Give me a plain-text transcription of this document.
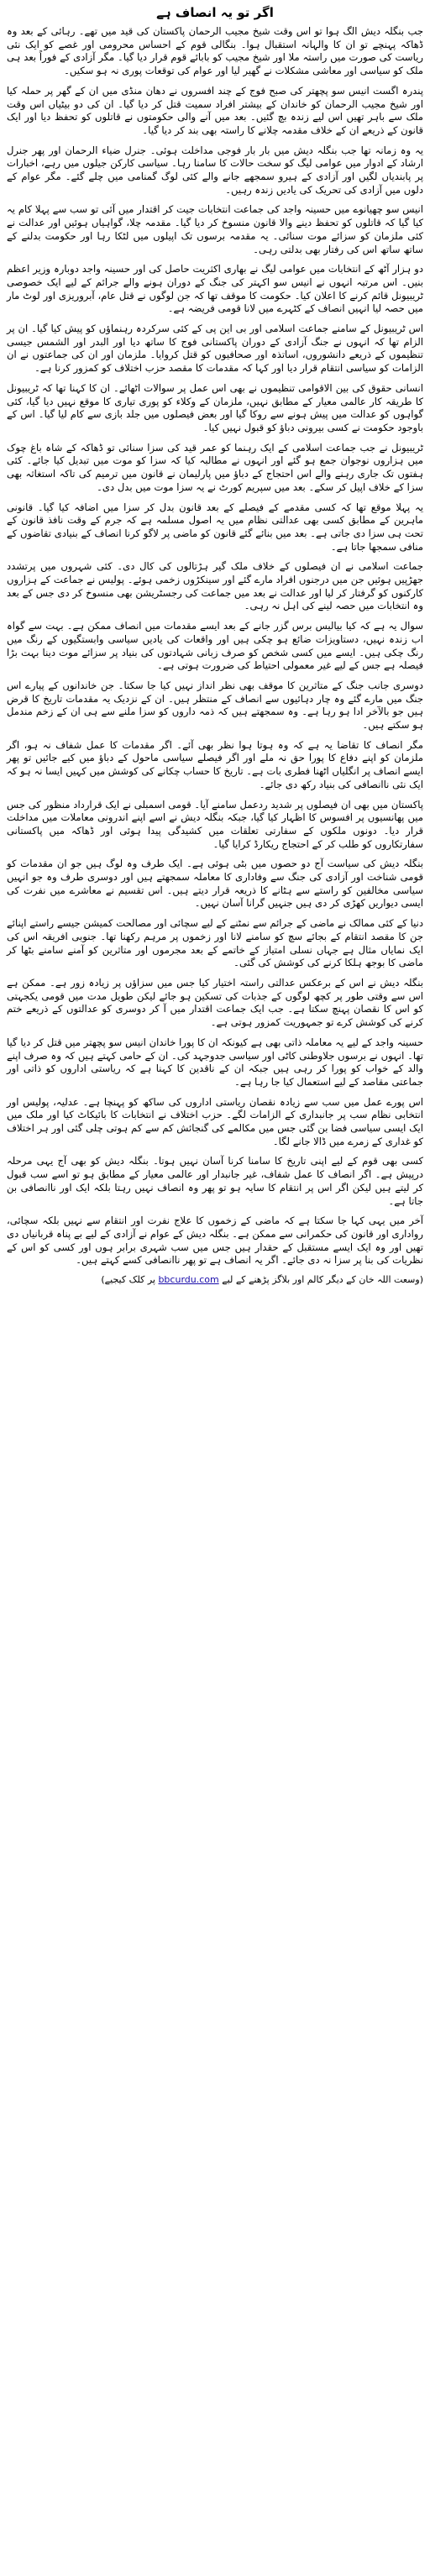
اگر تو یہ انصاف ہے

جب بنگلہ دیش الگ ہوا تو اس وقت شیخ مجیب الرحمان پاکستان کی قید میں تھے۔ رہائی کے بعد وہ ڈھاکہ پہنچے تو ان کا والہانہ استقبال ہوا۔ بنگالی قوم کے احساس محرومی اور غصے کو ایک نئی ریاست کی صورت میں راستہ ملا اور شیخ مجیب کو بابائے قوم قرار دیا گیا۔ مگر آزادی کے فوراً بعد ہی ملک کو سیاسی اور معاشی مشکلات نے گھیر لیا اور عوام کی توقعات پوری نہ ہو سکیں۔

پندرہ اگست انیس سو پچھتر کی صبح فوج کے چند افسروں نے دھان منڈی میں ان کے گھر پر حملہ کیا اور شیخ مجیب الرحمان کو خاندان کے بیشتر افراد سمیت قتل کر دیا گیا۔ ان کی دو بیٹیاں اس وقت ملک سے باہر تھیں اس لیے زندہ بچ گئیں۔ بعد میں آنے والی حکومتوں نے قاتلوں کو تحفظ دیا اور ایک قانون کے ذریعے ان کے خلاف مقدمہ چلانے کا راستہ بھی بند کر دیا گیا۔

یہ وہ زمانہ تھا جب بنگلہ دیش میں بار بار فوجی مداخلت ہوئی۔ جنرل ضیاء الرحمان اور پھر جنرل ارشاد کے ادوار میں عوامی لیگ کو سخت حالات کا سامنا رہا۔ سیاسی کارکن جیلوں میں رہے، اخبارات پر پابندیاں لگیں اور آزادی کے ہیرو سمجھے جانے والے کئی لوگ گمنامی میں چلے گئے۔ مگر عوام کے دلوں میں آزادی کی تحریک کی یادیں زندہ رہیں۔

انیس سو چھیانوے میں حسینہ واجد کی جماعت انتخابات جیت کر اقتدار میں آئی تو سب سے پہلا کام یہ کیا گیا کہ قاتلوں کو تحفظ دینے والا قانون منسوخ کر دیا گیا۔ مقدمہ چلا، گواہیاں ہوئیں اور عدالت نے کئی ملزمان کو سزائے موت سنائی۔ یہ مقدمہ برسوں تک اپیلوں میں لٹکا رہا اور حکومت بدلنے کے ساتھ ساتھ اس کی رفتار بھی بدلتی رہی۔

دو ہزار آٹھ کے انتخابات میں عوامی لیگ نے بھاری اکثریت حاصل کی اور حسینہ واجد دوبارہ وزیر اعظم بنیں۔ اس مرتبہ انہوں نے انیس سو اکہتر کی جنگ کے دوران ہونے والے جرائم کے لیے ایک خصوصی ٹریبیونل قائم کرنے کا اعلان کیا۔ حکومت کا موقف تھا کہ جن لوگوں نے قتل عام، آبروریزی اور لوٹ مار میں حصہ لیا انہیں انصاف کے کٹہرے میں لانا قومی فریضہ ہے۔

اس ٹریبیونل کے سامنے جماعت اسلامی اور بی این پی کے کئی سرکردہ رہنماؤں کو پیش کیا گیا۔ ان پر الزام تھا کہ انہوں نے جنگ آزادی کے دوران پاکستانی فوج کا ساتھ دیا اور البدر اور الشمس جیسی تنظیموں کے ذریعے دانشوروں، اساتذہ اور صحافیوں کو قتل کروایا۔ ملزمان اور ان کی جماعتوں نے ان الزامات کو سیاسی انتقام قرار دیا اور کہا کہ مقدمات کا مقصد حزب اختلاف کو کمزور کرنا ہے۔

انسانی حقوق کی بین الاقوامی تنظیموں نے بھی اس عمل پر سوالات اٹھائے۔ ان کا کہنا تھا کہ ٹریبیونل کا طریقہ کار عالمی معیار کے مطابق نہیں، ملزمان کے وکلاء کو پوری تیاری کا موقع نہیں دیا گیا، کئی گواہوں کو عدالت میں پیش ہونے سے روکا گیا اور بعض فیصلوں میں جلد بازی سے کام لیا گیا۔ اس کے باوجود حکومت نے کسی بیرونی دباؤ کو قبول نہیں کیا۔

ٹریبیونل نے جب جماعت اسلامی کے ایک رہنما کو عمر قید کی سزا سنائی تو ڈھاکہ کے شاہ باغ چوک میں ہزاروں نوجوان جمع ہو گئے اور انہوں نے مطالبہ کیا کہ سزا کو موت میں تبدیل کیا جائے۔ کئی ہفتوں تک جاری رہنے والے اس احتجاج کے دباؤ میں پارلیمان نے قانون میں ترمیم کی تاکہ استغاثہ بھی سزا کے خلاف اپیل کر سکے۔ بعد میں سپریم کورٹ نے یہ سزا موت میں بدل دی۔

یہ پہلا موقع تھا کہ کسی مقدمے کے فیصلے کے بعد قانون بدل کر سزا میں اضافہ کیا گیا۔ قانونی ماہرین کے مطابق کسی بھی عدالتی نظام میں یہ اصول مسلمہ ہے کہ جرم کے وقت نافذ قانون کے تحت ہی سزا دی جاتی ہے۔ بعد میں بنائے گئے قانون کو ماضی پر لاگو کرنا انصاف کے بنیادی تقاضوں کے منافی سمجھا جاتا ہے۔

جماعت اسلامی نے ان فیصلوں کے خلاف ملک گیر ہڑتالوں کی کال دی۔ کئی شہروں میں پرتشدد جھڑپیں ہوئیں جن میں درجنوں افراد مارے گئے اور سینکڑوں زخمی ہوئے۔ پولیس نے جماعت کے ہزاروں کارکنوں کو گرفتار کر لیا اور عدالت نے بعد میں جماعت کی رجسٹریشن بھی منسوخ کر دی جس کے بعد وہ انتخابات میں حصہ لینے کی اہل نہ رہی۔

سوال یہ ہے کہ کیا بیالیس برس گزر جانے کے بعد ایسے مقدمات میں انصاف ممکن ہے۔ بہت سے گواہ اب زندہ نہیں، دستاویزات ضائع ہو چکی ہیں اور واقعات کی یادیں سیاسی وابستگیوں کے رنگ میں رنگ چکی ہیں۔ ایسے میں کسی شخص کو صرف زبانی شہادتوں کی بنیاد پر سزائے موت دینا بہت بڑا فیصلہ ہے جس کے لیے غیر معمولی احتیاط کی ضرورت ہوتی ہے۔

دوسری جانب جنگ کے متاثرین کا موقف بھی نظر انداز نہیں کیا جا سکتا۔ جن خاندانوں کے پیارے اس جنگ میں مارے گئے وہ چار دہائیوں سے انصاف کے منتظر ہیں۔ ان کے نزدیک یہ مقدمات تاریخ کا قرض ہیں جو بالآخر ادا ہو رہا ہے۔ وہ سمجھتے ہیں کہ ذمہ داروں کو سزا ملنے سے ہی ان کے زخم مندمل ہو سکتے ہیں۔

مگر انصاف کا تقاضا یہ ہے کہ وہ ہوتا ہوا نظر بھی آئے۔ اگر مقدمات کا عمل شفاف نہ ہو، اگر ملزمان کو اپنے دفاع کا پورا حق نہ ملے اور اگر فیصلے سیاسی ماحول کے دباؤ میں کیے جائیں تو پھر ایسے انصاف پر انگلیاں اٹھنا فطری بات ہے۔ تاریخ کا حساب چکانے کی کوشش میں کہیں ایسا نہ ہو کہ ایک نئی ناانصافی کی بنیاد رکھ دی جائے۔

پاکستان میں بھی ان فیصلوں پر شدید ردعمل سامنے آیا۔ قومی اسمبلی نے ایک قرارداد منظور کی جس میں پھانسیوں پر افسوس کا اظہار کیا گیا، جبکہ بنگلہ دیش نے اسے اپنے اندرونی معاملات میں مداخلت قرار دیا۔ دونوں ملکوں کے سفارتی تعلقات میں کشیدگی پیدا ہوئی اور ڈھاکہ میں پاکستانی سفارتکاروں کو طلب کر کے احتجاج ریکارڈ کرایا گیا۔

بنگلہ دیش کی سیاست آج دو حصوں میں بٹی ہوئی ہے۔ ایک طرف وہ لوگ ہیں جو ان مقدمات کو قومی شناخت اور آزادی کی جنگ سے وفاداری کا معاملہ سمجھتے ہیں اور دوسری طرف وہ جو انہیں سیاسی مخالفین کو راستے سے ہٹانے کا ذریعہ قرار دیتے ہیں۔ اس تقسیم نے معاشرے میں نفرت کی ایسی دیواریں کھڑی کر دی ہیں جنہیں گرانا آسان نہیں۔

دنیا کے کئی ممالک نے ماضی کے جرائم سے نمٹنے کے لیے سچائی اور مصالحت کمیشن جیسے راستے اپنائے جن کا مقصد انتقام کے بجائے سچ کو سامنے لانا اور زخموں پر مرہم رکھنا تھا۔ جنوبی افریقہ اس کی ایک نمایاں مثال ہے جہاں نسلی امتیاز کے خاتمے کے بعد مجرموں اور متاثرین کو آمنے سامنے بٹھا کر ماضی کا بوجھ ہلکا کرنے کی کوشش کی گئی۔

بنگلہ دیش نے اس کے برعکس عدالتی راستہ اختیار کیا جس میں سزاؤں پر زیادہ زور ہے۔ ممکن ہے اس سے وقتی طور پر کچھ لوگوں کے جذبات کی تسکین ہو جائے لیکن طویل مدت میں قومی یکجہتی کو اس کا نقصان پہنچ سکتا ہے۔ جب ایک جماعت اقتدار میں آ کر دوسری کو عدالتوں کے ذریعے ختم کرنے کی کوشش کرے تو جمہوریت کمزور ہوتی ہے۔

حسینہ واجد کے لیے یہ معاملہ ذاتی بھی ہے کیونکہ ان کا پورا خاندان انیس سو پچھتر میں قتل کر دیا گیا تھا۔ انہوں نے برسوں جلاوطنی کاٹی اور سیاسی جدوجہد کی۔ ان کے حامی کہتے ہیں کہ وہ صرف اپنے والد کے خواب کو پورا کر رہی ہیں جبکہ ان کے ناقدین کا کہنا ہے کہ ریاستی اداروں کو ذاتی اور جماعتی مقاصد کے لیے استعمال کیا جا رہا ہے۔

اس پورے عمل میں سب سے زیادہ نقصان ریاستی اداروں کی ساکھ کو پہنچا ہے۔ عدلیہ، پولیس اور انتخابی نظام سب پر جانبداری کے الزامات لگے۔ حزب اختلاف نے انتخابات کا بائیکاٹ کیا اور ملک میں ایک ایسی سیاسی فضا بن گئی جس میں مکالمے کی گنجائش کم سے کم ہوتی چلی گئی اور ہر اختلاف کو غداری کے زمرے میں ڈالا جانے لگا۔

کسی بھی قوم کے لیے اپنی تاریخ کا سامنا کرنا آسان نہیں ہوتا۔ بنگلہ دیش کو بھی آج یہی مرحلہ درپیش ہے۔ اگر انصاف کا عمل شفاف، غیر جانبدار اور عالمی معیار کے مطابق ہو تو اسے سب قبول کر لیتے ہیں لیکن اگر اس پر انتقام کا سایہ ہو تو پھر وہ انصاف نہیں رہتا بلکہ ایک اور ناانصافی بن جاتا ہے۔

آخر میں یہی کہا جا سکتا ہے کہ ماضی کے زخموں کا علاج نفرت اور انتقام سے نہیں بلکہ سچائی، رواداری اور قانون کی حکمرانی سے ممکن ہے۔ بنگلہ دیش کے عوام نے آزادی کے لیے بے پناہ قربانیاں دی تھیں اور وہ ایک ایسے مستقبل کے حقدار ہیں جس میں سب شہری برابر ہوں اور کسی کو اس کے نظریات کی بنا پر سزا نہ دی جائے۔ اگر یہ انصاف ہے تو پھر ناانصافی کسے کہتے ہیں۔

(وسعت اللہ خان کے دیگر کالم اور بلاگز پڑھنے کے لیے bbcurdu.com پر کلک کیجیے)
